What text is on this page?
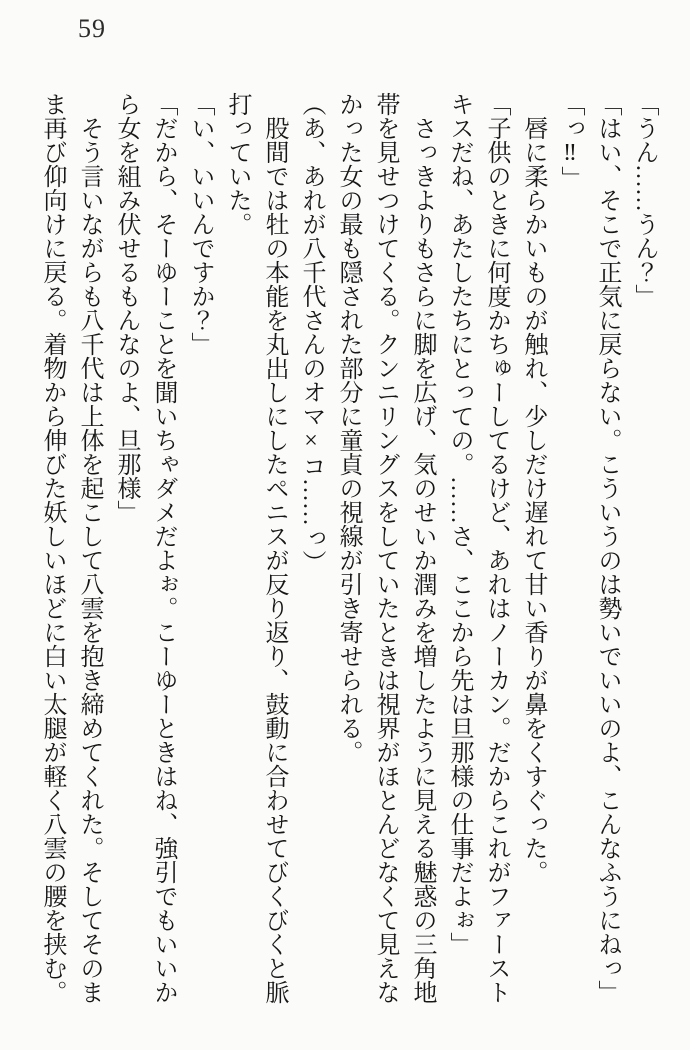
59

「うん……うん？」

「はい、そこで正気に戻らない。こういうのは勢いでいいのよ、こんなふうにねっ」

「っ‼」

唇に柔らかいものが触れ、少しだけ遅れて甘い香りが鼻をくすぐった。

「子供のときに何度かちゅーしてるけど、あれはノーカン。だからこれがファーストキスだね、あたしたちにとっての。……さ、ここから先は旦那様の仕事だよぉ」

さっきよりもさらに脚を広げ、気のせいか潤みを増したように見える魅惑の三角地帯を見せつけてくる。クンニリングスをしていたときは視界がほとんどなくて見えなかった女の最も隠された部分に童貞の視線が引き寄せられる。

（あ、あれが八千代さんのオマ×コ……っ）

股間では牡の本能を丸出しにしたペニスが反り返り、鼓動に合わせてびくびくと脈打っていた。

「い、いいんですか？」

「だから、そーゆーことを聞いちゃダメだよぉ。こーゆーときはね、強引でもいいから女を組み伏せるもんなのよ、旦那様」

そう言いながらも八千代は上体を起こして八雲を抱き締めてくれた。そしてそのまま再び仰向けに戻る。着物から伸びた妖しいほどに白い太腿が軽く八雲の腰を挟む。
